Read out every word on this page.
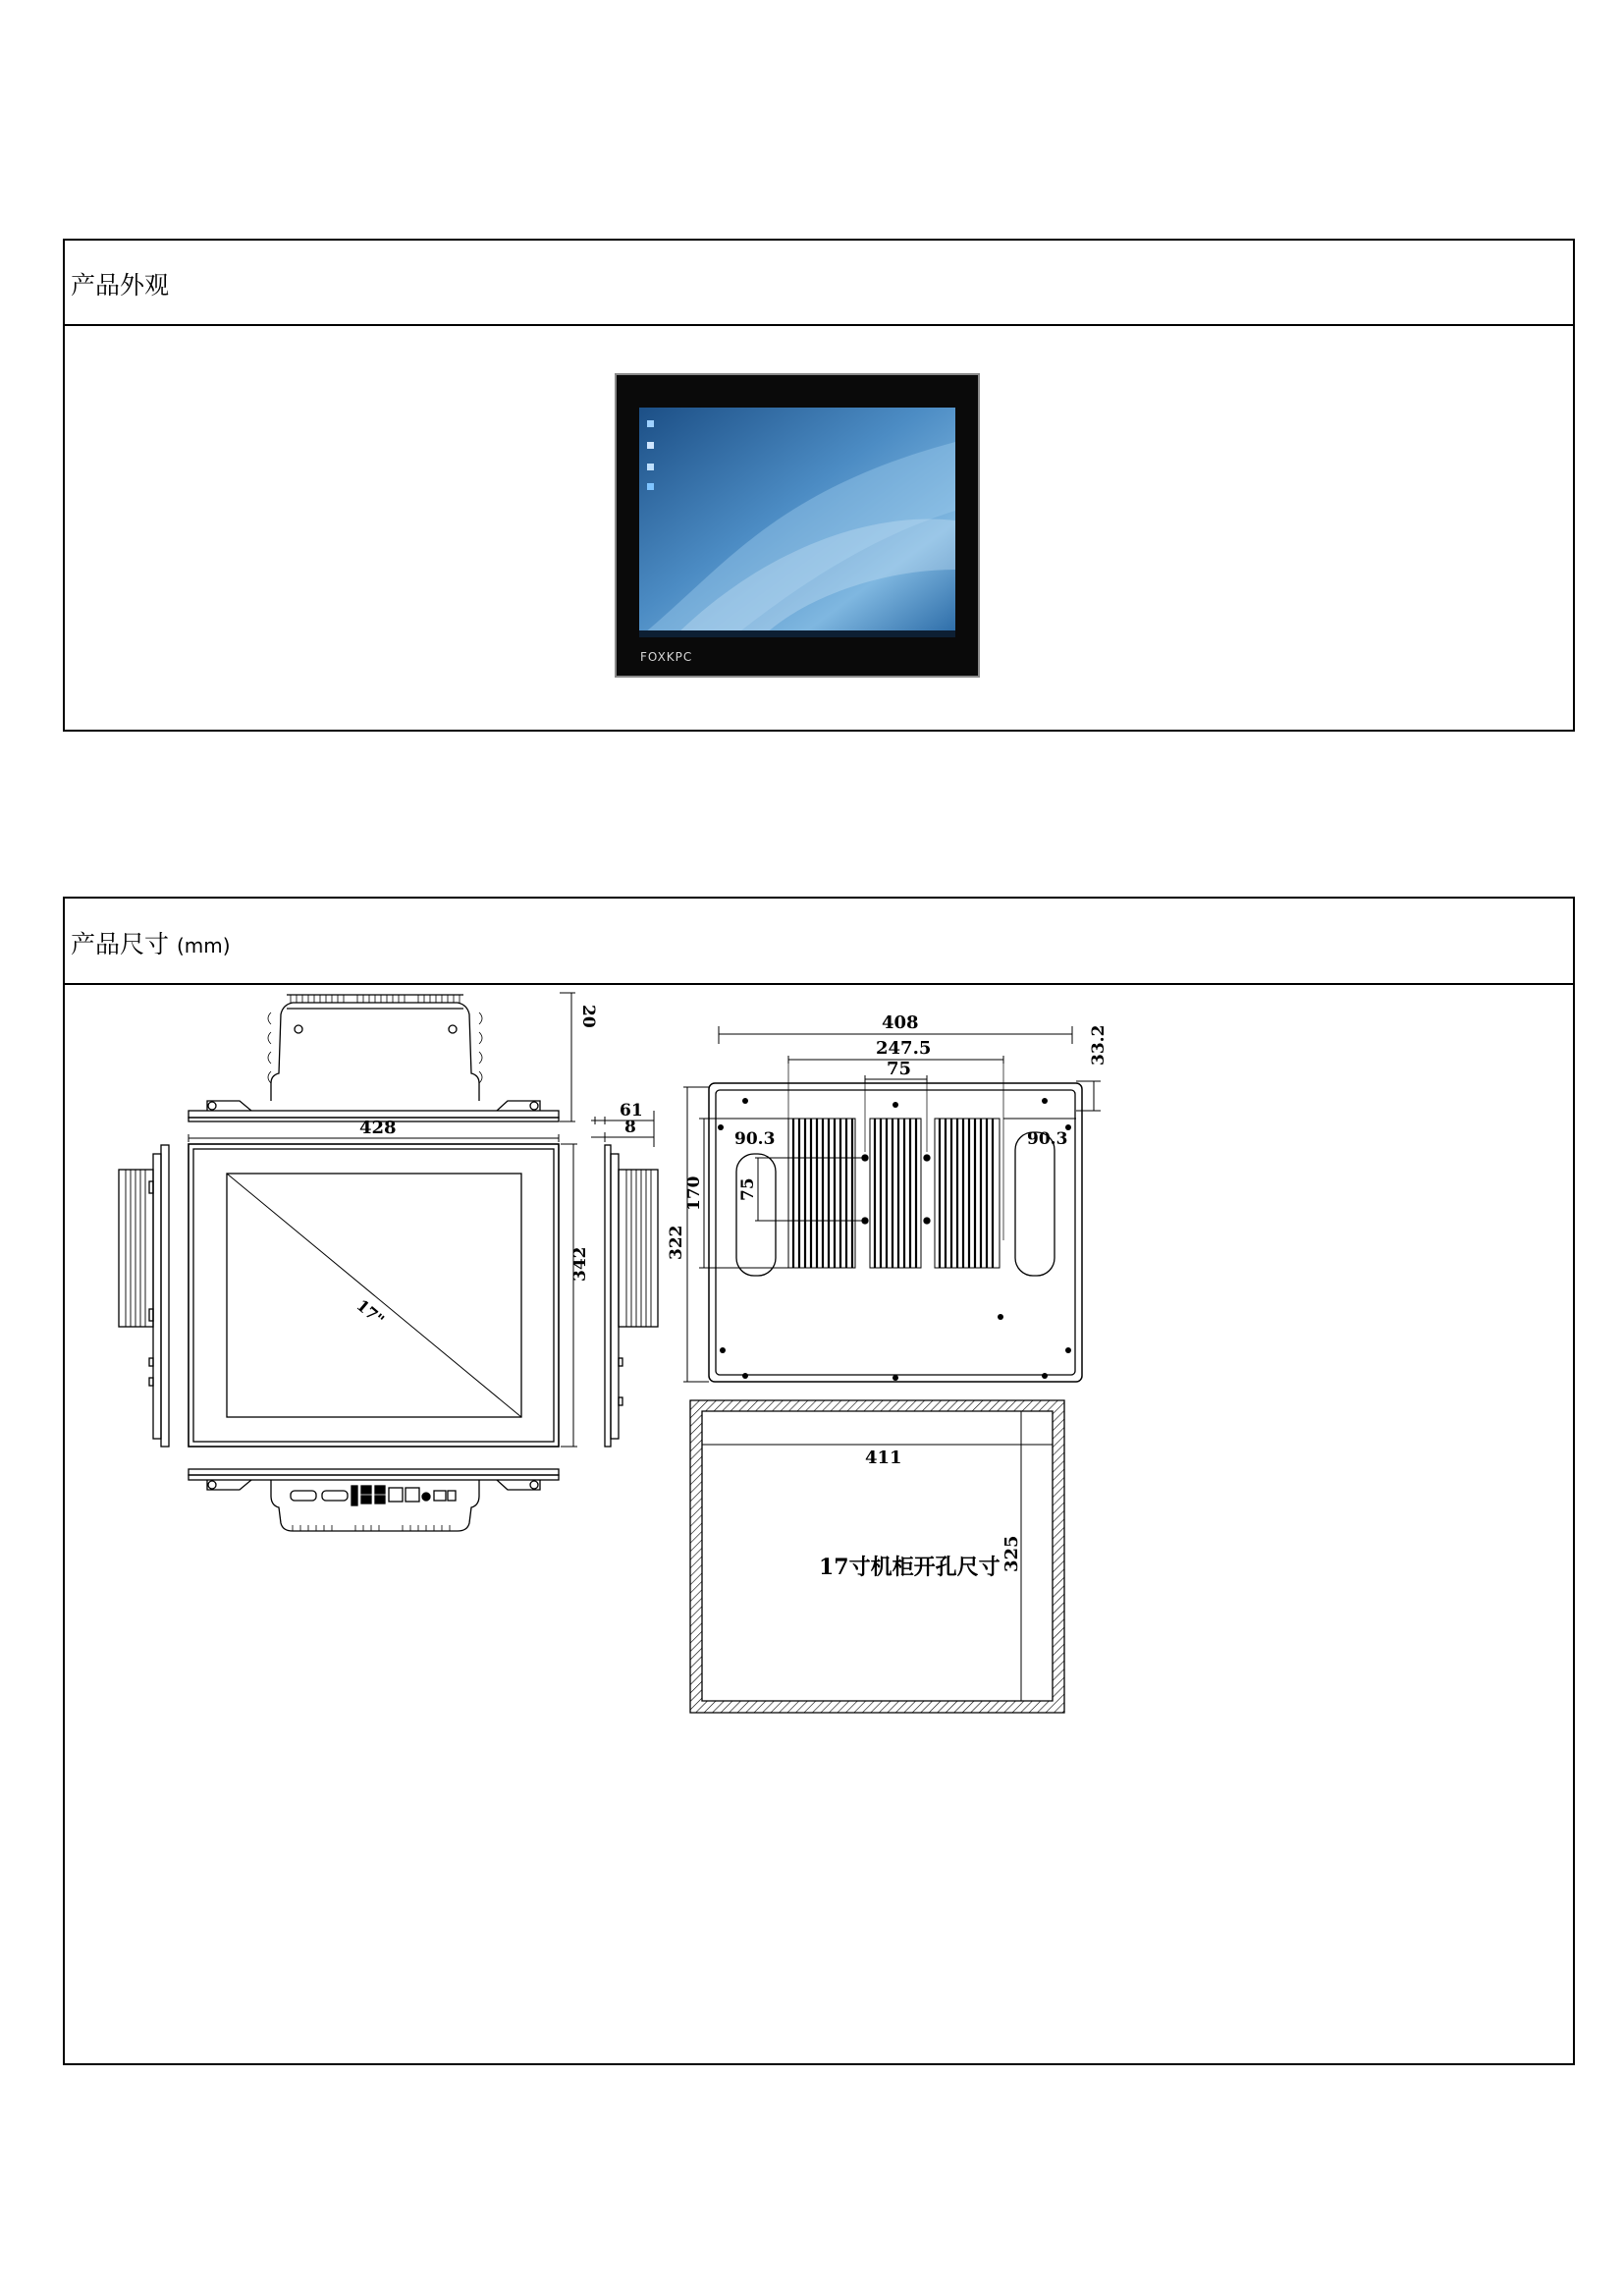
产品外观
FOXKPC
产品尺寸 (mm)
20
428
17"
342
61
8
408
247.5
75
33.2
90.3	90.3
75
170
322
411
325
17寸机柜开孔尺寸
